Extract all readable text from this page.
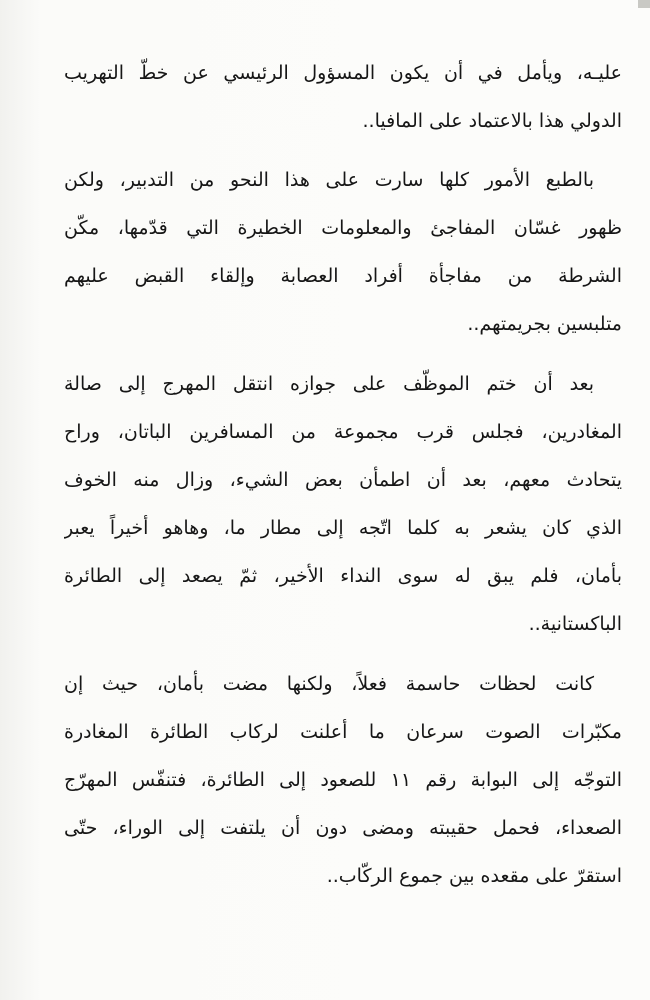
عليـه، ويأمل في أن يكون المسؤول الرئيسي عن خطّ التهريب
الدولي هذا بالاعتماد على المافيا..
بالطبع الأمور كلها سارت على هذا النحو من التدبير، ولكن
ظهور غسّان المفاجئ والمعلومات الخطيرة التي قدّمها، مكّن
الشرطة من مفاجأة أفراد العصابة وإلقاء القبض عليهم
متلبسين بجريمتهم..
بعد أن ختم الموظّف على جوازه انتقل المهرج إلى صالة
المغادرين، فجلس قرب مجموعة من المسافرين الباتان، وراح
يتحادث معهم، بعد أن اطمأن بعض الشيء، وزال منه الخوف
الذي كان يشعر به كلما اتّجه إلى مطار ما، وهاهو أخيراً يعبر
بأمان، فلم يبق له سوى النداء الأخير، ثمّ يصعد إلى الطائرة
الباكستانية..
كانت لحظات حاسمة فعلاً، ولكنها مضت بأمان، حيث إن
مكبّرات الصوت سرعان ما أعلنت لركاب الطائرة المغادرة
التوجّه إلى البوابة رقم ١١ للصعود إلى الطائرة، فتنفّس المهرّج
الصعداء، فحمل حقيبته ومضى دون أن يلتفت إلى الوراء، حتّى
استقرّ على مقعده بين جموع الركّاب..
